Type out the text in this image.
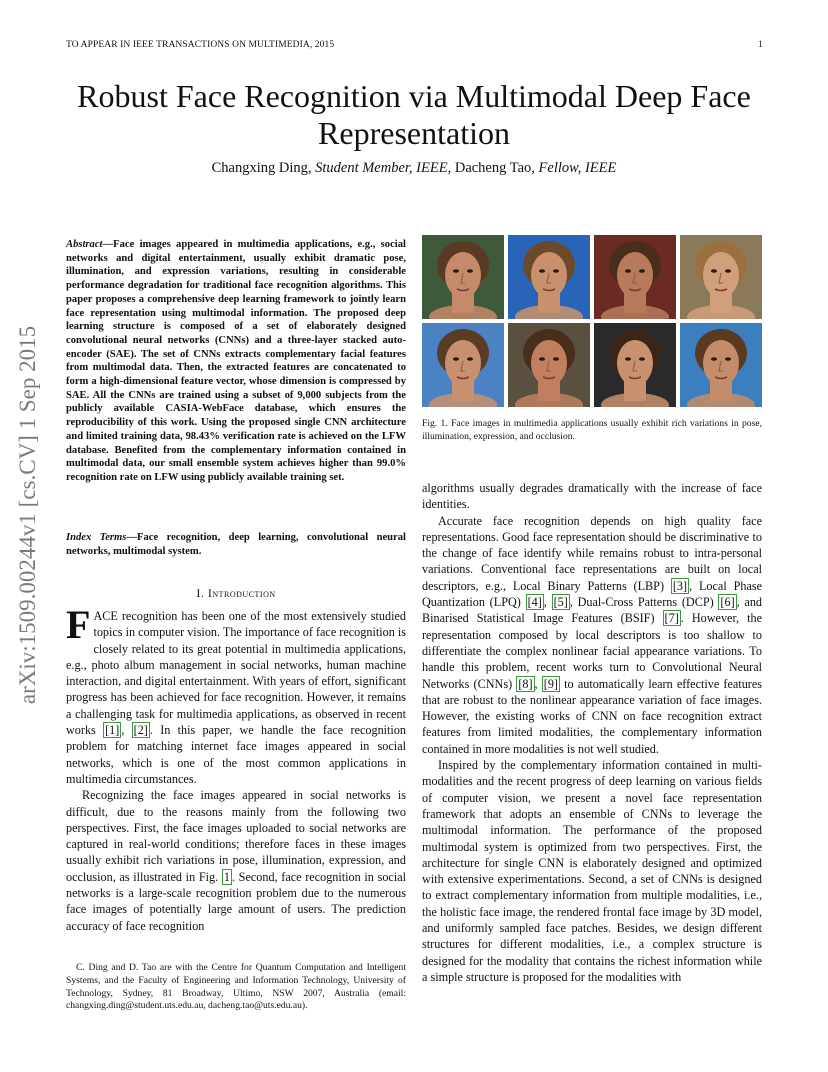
TO APPEAR IN IEEE TRANSACTIONS ON MULTIMEDIA, 2015	1
arXiv:1509.00244v1 [cs.CV] 1 Sep 2015
Robust Face Recognition via Multimodal Deep Face Representation
Changxing Ding, Student Member, IEEE, Dacheng Tao, Fellow, IEEE
Abstract—Face images appeared in multimedia applications, e.g., social networks and digital entertainment, usually exhibit dramatic pose, illumination, and expression variations, resulting in considerable performance degradation for traditional face recognition algorithms. This paper proposes a comprehensive deep learning framework to jointly learn face representation using multimodal information. The proposed deep learning structure is composed of a set of elaborately designed convolutional neural networks (CNNs) and a three-layer stacked auto-encoder (SAE). The set of CNNs extracts complementary facial features from multimodal data. Then, the extracted features are concatenated to form a high-dimensional feature vector, whose dimension is compressed by SAE. All the CNNs are trained using a subset of 9,000 subjects from the publicly available CASIA-WebFace database, which ensures the reproducibility of this work. Using the proposed single CNN architecture and limited training data, 98.43% verification rate is achieved on the LFW database. Benefited from the complementary information contained in multimodal data, our small ensemble system achieves higher than 99.0% recognition rate on LFW using publicly available training set.
Index Terms—Face recognition, deep learning, convolutional neural networks, multimodal system.
I. Introduction

FACE recognition has been one of the most extensively studied topics in computer vision. The importance of face recognition is closely related to its great potential in multimedia applications, e.g., photo album management in social networks, human machine interaction, and digital entertainment. With years of effort, significant progress has been achieved for face recognition. However, it remains a challenging task for multimedia applications, as observed in recent works [1] , [2] . In this paper, we handle the face recognition problem for matching internet face images appeared in social networks, which is one of the most common applications in multimedia circumstances.

Recognizing the face images appeared in social networks is difficult, due to the reasons mainly from the following two perspectives. First, the face images uploaded to social networks are captured in real-world conditions; therefore faces in these images usually exhibit rich variations in pose, illumination, expression, and occlusion, as illustrated in Fig. 1 . Second, face recognition in social networks is a large-scale recognition problem due to the numerous face images of potentially large amount of users. The prediction accuracy of face recognition

C. Ding and D. Tao are with the Centre for Quantum Computation and Intelligent Systems, and the Faculty of Engineering and Information Technology, University of Technology, Sydney, 81 Broadway, Ultimo, NSW 2007, Australia (email: changxing.ding@student.uts.edu.au, dacheng.tao@uts.edu.au).
Fig. 1. Face images in multimedia applications usually exhibit rich variations in pose, illumination, expression, and occlusion.

algorithms usually degrades dramatically with the increase of face identities.

Accurate face recognition depends on high quality face representations. Good face representation should be discriminative to the change of face identify while remains robust to intra-personal variations. Conventional face representations are built on local descriptors, e.g., Local Binary Patterns (LBP) [3] , Local Phase Quantization (LPQ) [4] , [5] , Dual-Cross Patterns (DCP) [6] , and Binarised Statistical Image Features (BSIF) [7] . However, the representation composed by local descriptors is too shallow to differentiate the complex nonlinear facial appearance variations. To handle this problem, recent works turn to Convolutional Neural Networks (CNNs) [8] , [9] to automatically learn effective features that are robust to the nonlinear appearance variation of face images. However, the existing works of CNN on face recognition extract features from limited modalities, the complementary information contained in more modalities is not well studied.

Inspired by the complementary information contained in multi-modalities and the recent progress of deep learning on various fields of computer vision, we present a novel face representation framework that adopts an ensemble of CNNs to leverage the multimodal information. The performance of the proposed multimodal system is optimized from two perspectives. First, the architecture for single CNN is elaborately designed and optimized with extensive experimentations. Second, a set of CNNs is designed to extract complementary information from multiple modalities, i.e., the holistic face image, the rendered frontal face image by 3D model, and uniformly sampled face patches. Besides, we design different structures for different modalities, i.e., a complex structure is designed for the modality that contains the richest information while a simple structure is proposed for the modalities with
